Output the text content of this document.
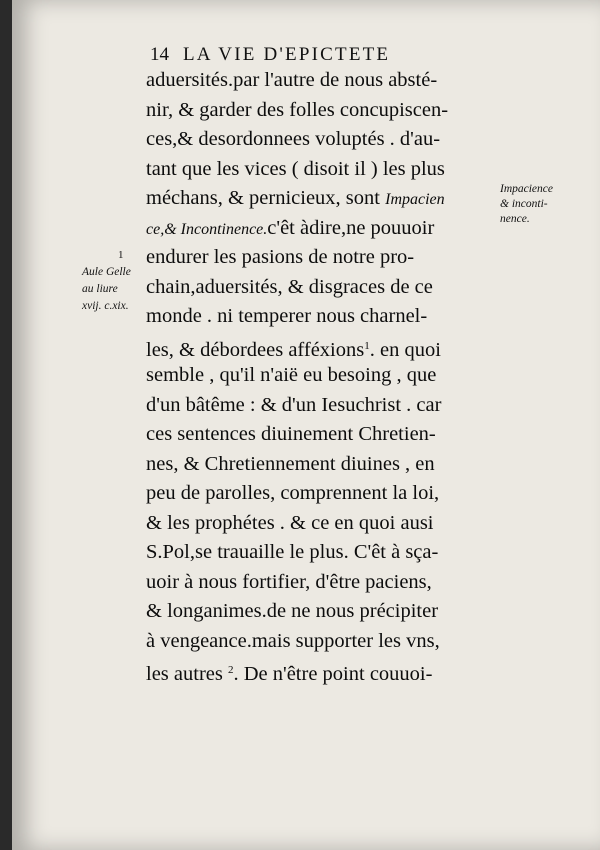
14 LA VIE D'EPICTETE
aduersités.par l'autre de nous absté-
nir, & garder des folles concupiscen-
ces,& desordonnees voluptés . d'au-
tant que les vices ( disoit il ) les plus
méchans, & pernicieux, sont Impacien
ce,& Incontinence.c'êt àdire,ne pouuoir
endurer les pasions de notre pro-
chain,aduersités, & disgraces de ce
monde . ni temperer nous charnel-
les, & débordees afféxions$^1$. en quoi
semble , qu'il n'aië eu besoing , que
d'un bâtême : & d'un Iesuchrist . car
ces sentences diuinement Chretien-
nes, & Chretiennement diuines , en
peu de parolles, comprennent la loi,
& les prophétes . & ce en quoi ausi
S.Pol,se trauaille le plus. C'êt à sça-
uoir à nous fortifier, d'être paciens,
& longanimes.de ne nous précipiter
à vengeance.mais supporter les vns,
les autres $^2$. De n'être point couuoi-
Impacience
& inconti-
nence.
1
Aule Gelle
au liure
xvij. c.xix.
